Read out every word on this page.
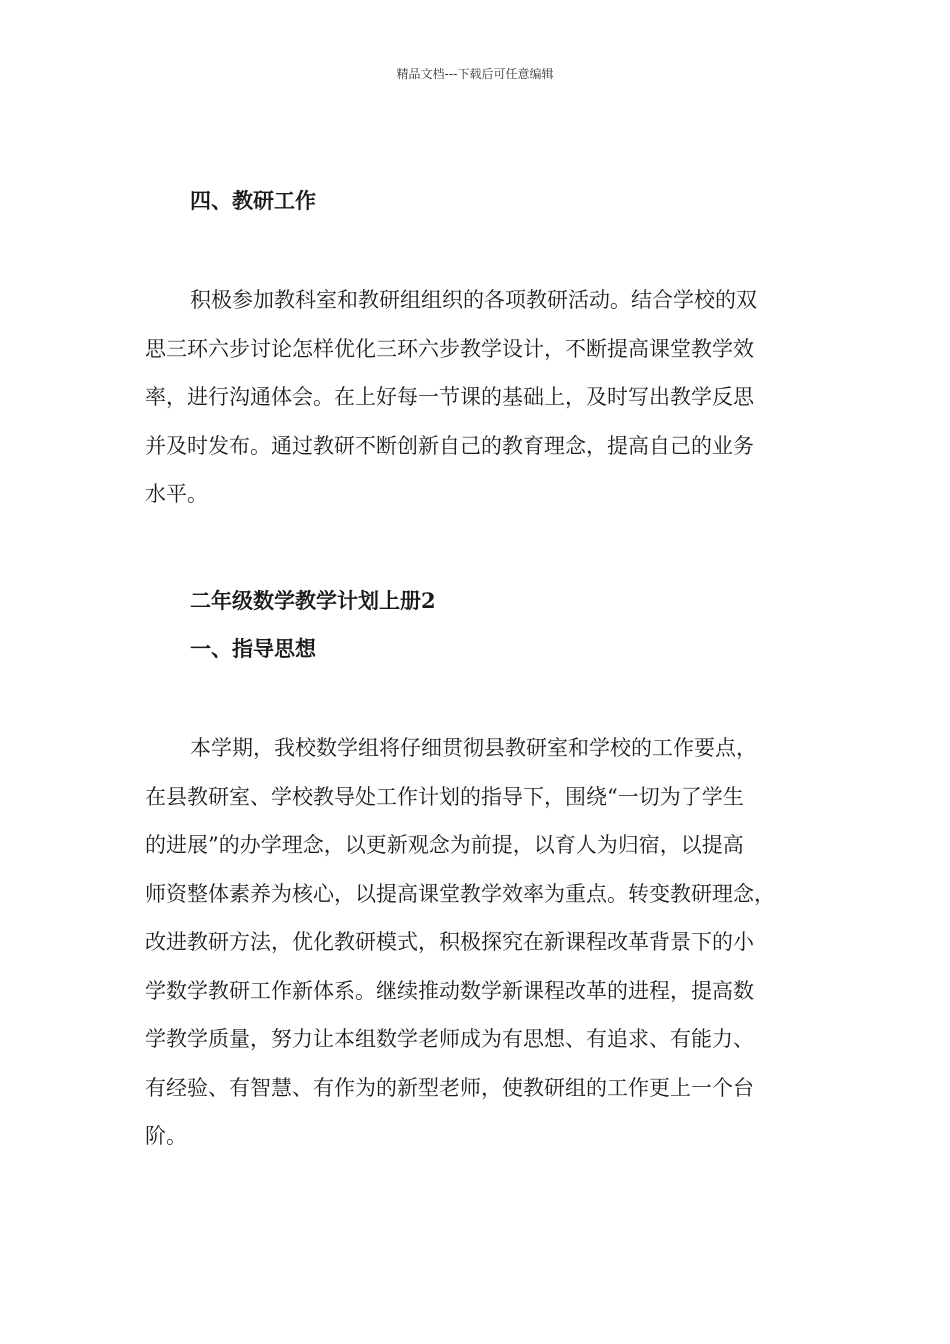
精品文档---下载后可任意编辑
四、教研工作
积极参加教科室和教研组组织的各项教研活动。结合学校的双
思三环六步讨论怎样优化三环六步教学设计，不断提高课堂教学效
率，进行沟通体会。在上好每一节课的基础上，及时写出教学反思
并及时发布。通过教研不断创新自己的教育理念，提高自己的业务
水平。
二年级数学教学计划上册2
一、指导思想
本学期，我校数学组将仔细贯彻县教研室和学校的工作要点，
在县教研室、学校教导处工作计划的指导下，围绕“一切为了学生
的进展”的办学理念，以更新观念为前提，以育人为归宿，以提高
师资整体素养为核心，以提高课堂教学效率为重点。转变教研理念，
改进教研方法，优化教研模式，积极探究在新课程改革背景下的小
学数学教研工作新体系。继续推动数学新课程改革的进程，提高数
学教学质量，努力让本组数学老师成为有思想、有追求、有能力、
有经验、有智慧、有作为的新型老师，使教研组的工作更上一个台
阶。
